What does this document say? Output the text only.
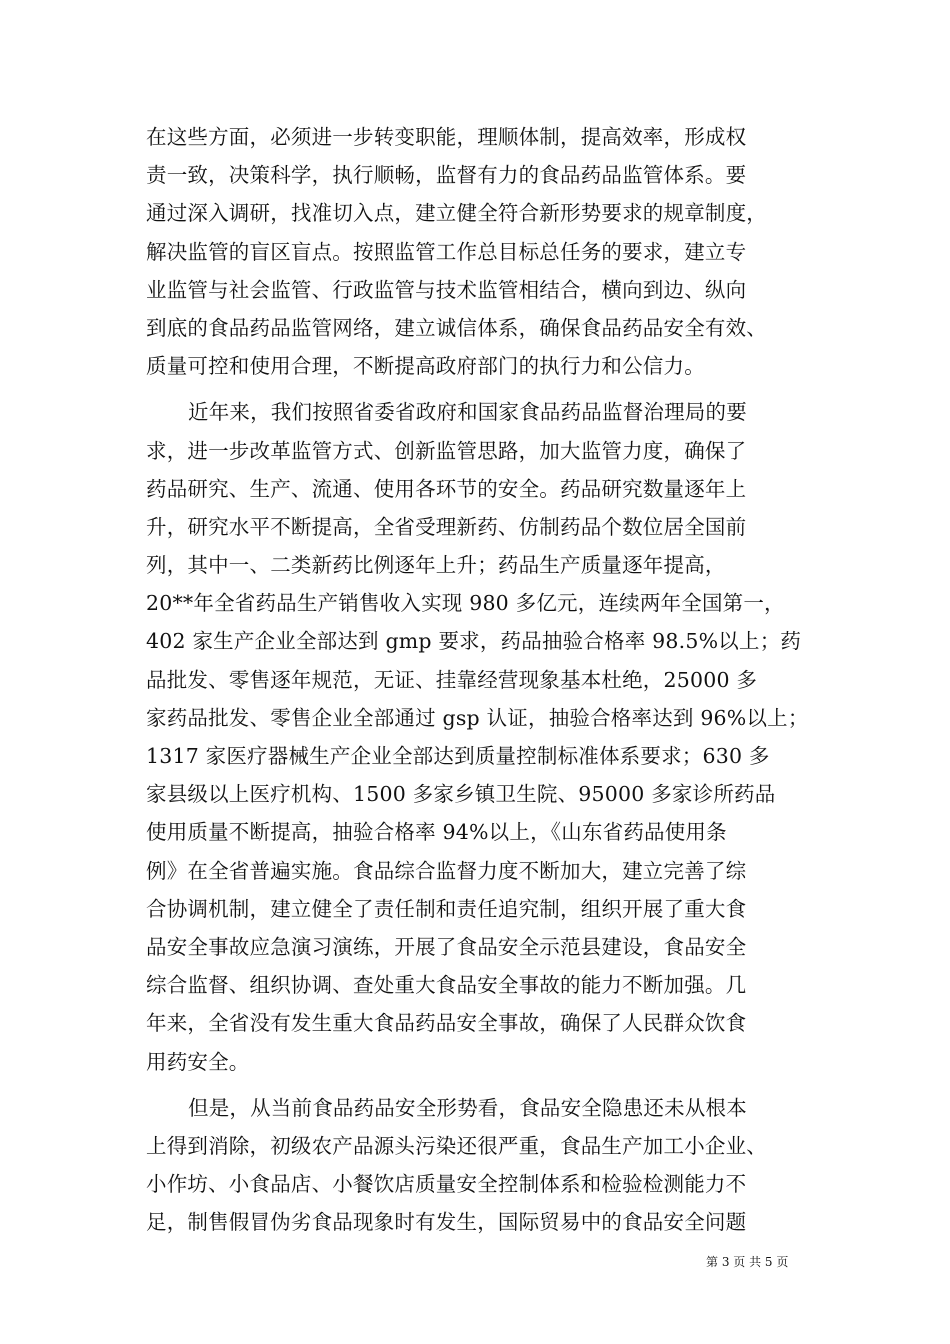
在这些方面，必须进一步转变职能，理顺体制，提高效率，形成权
责一致，决策科学，执行顺畅，监督有力的食品药品监管体系。要
通过深入调研，找准切入点，建立健全符合新形势要求的规章制度，
解决监管的盲区盲点。按照监管工作总目标总任务的要求，建立专
业监管与社会监管、行政监管与技术监管相结合，横向到边、纵向
到底的食品药品监管网络，建立诚信体系，确保食品药品安全有效、
质量可控和使用合理，不断提高政府部门的执行力和公信力。
近年来，我们按照省委省政府和国家食品药品监督治理局的要
求，进一步改革监管方式、创新监管思路，加大监管力度，确保了
药品研究、生产、流通、使用各环节的安全。药品研究数量逐年上
升，研究水平不断提高，全省受理新药、仿制药品个数位居全国前
列，其中一、二类新药比例逐年上升；药品生产质量逐年提高，
20**年全省药品生产销售收入实现 980 多亿元，连续两年全国第一，
402 家生产企业全部达到 gmp 要求，药品抽验合格率 98.5%以上；药
品批发、零售逐年规范，无证、挂靠经营现象基本杜绝，25000 多
家药品批发、零售企业全部通过 gsp 认证，抽验合格率达到 96%以上；
1317 家医疗器械生产企业全部达到质量控制标准体系要求；630 多
家县级以上医疗机构、1500 多家乡镇卫生院、95000 多家诊所药品
使用质量不断提高，抽验合格率 94%以上，《山东省药品使用条
例》在全省普遍实施。食品综合监督力度不断加大，建立完善了综
合协调机制，建立健全了责任制和责任追究制，组织开展了重大食
品安全事故应急演习演练，开展了食品安全示范县建设，食品安全
综合监督、组织协调、查处重大食品安全事故的能力不断加强。几
年来，全省没有发生重大食品药品安全事故，确保了人民群众饮食
用药安全。
但是，从当前食品药品安全形势看，食品安全隐患还未从根本
上得到消除，初级农产品源头污染还很严重，食品生产加工小企业、
小作坊、小食品店、小餐饮店质量安全控制体系和检验检测能力不
足，制售假冒伪劣食品现象时有发生，国际贸易中的食品安全问题
第 3 页 共 5 页
